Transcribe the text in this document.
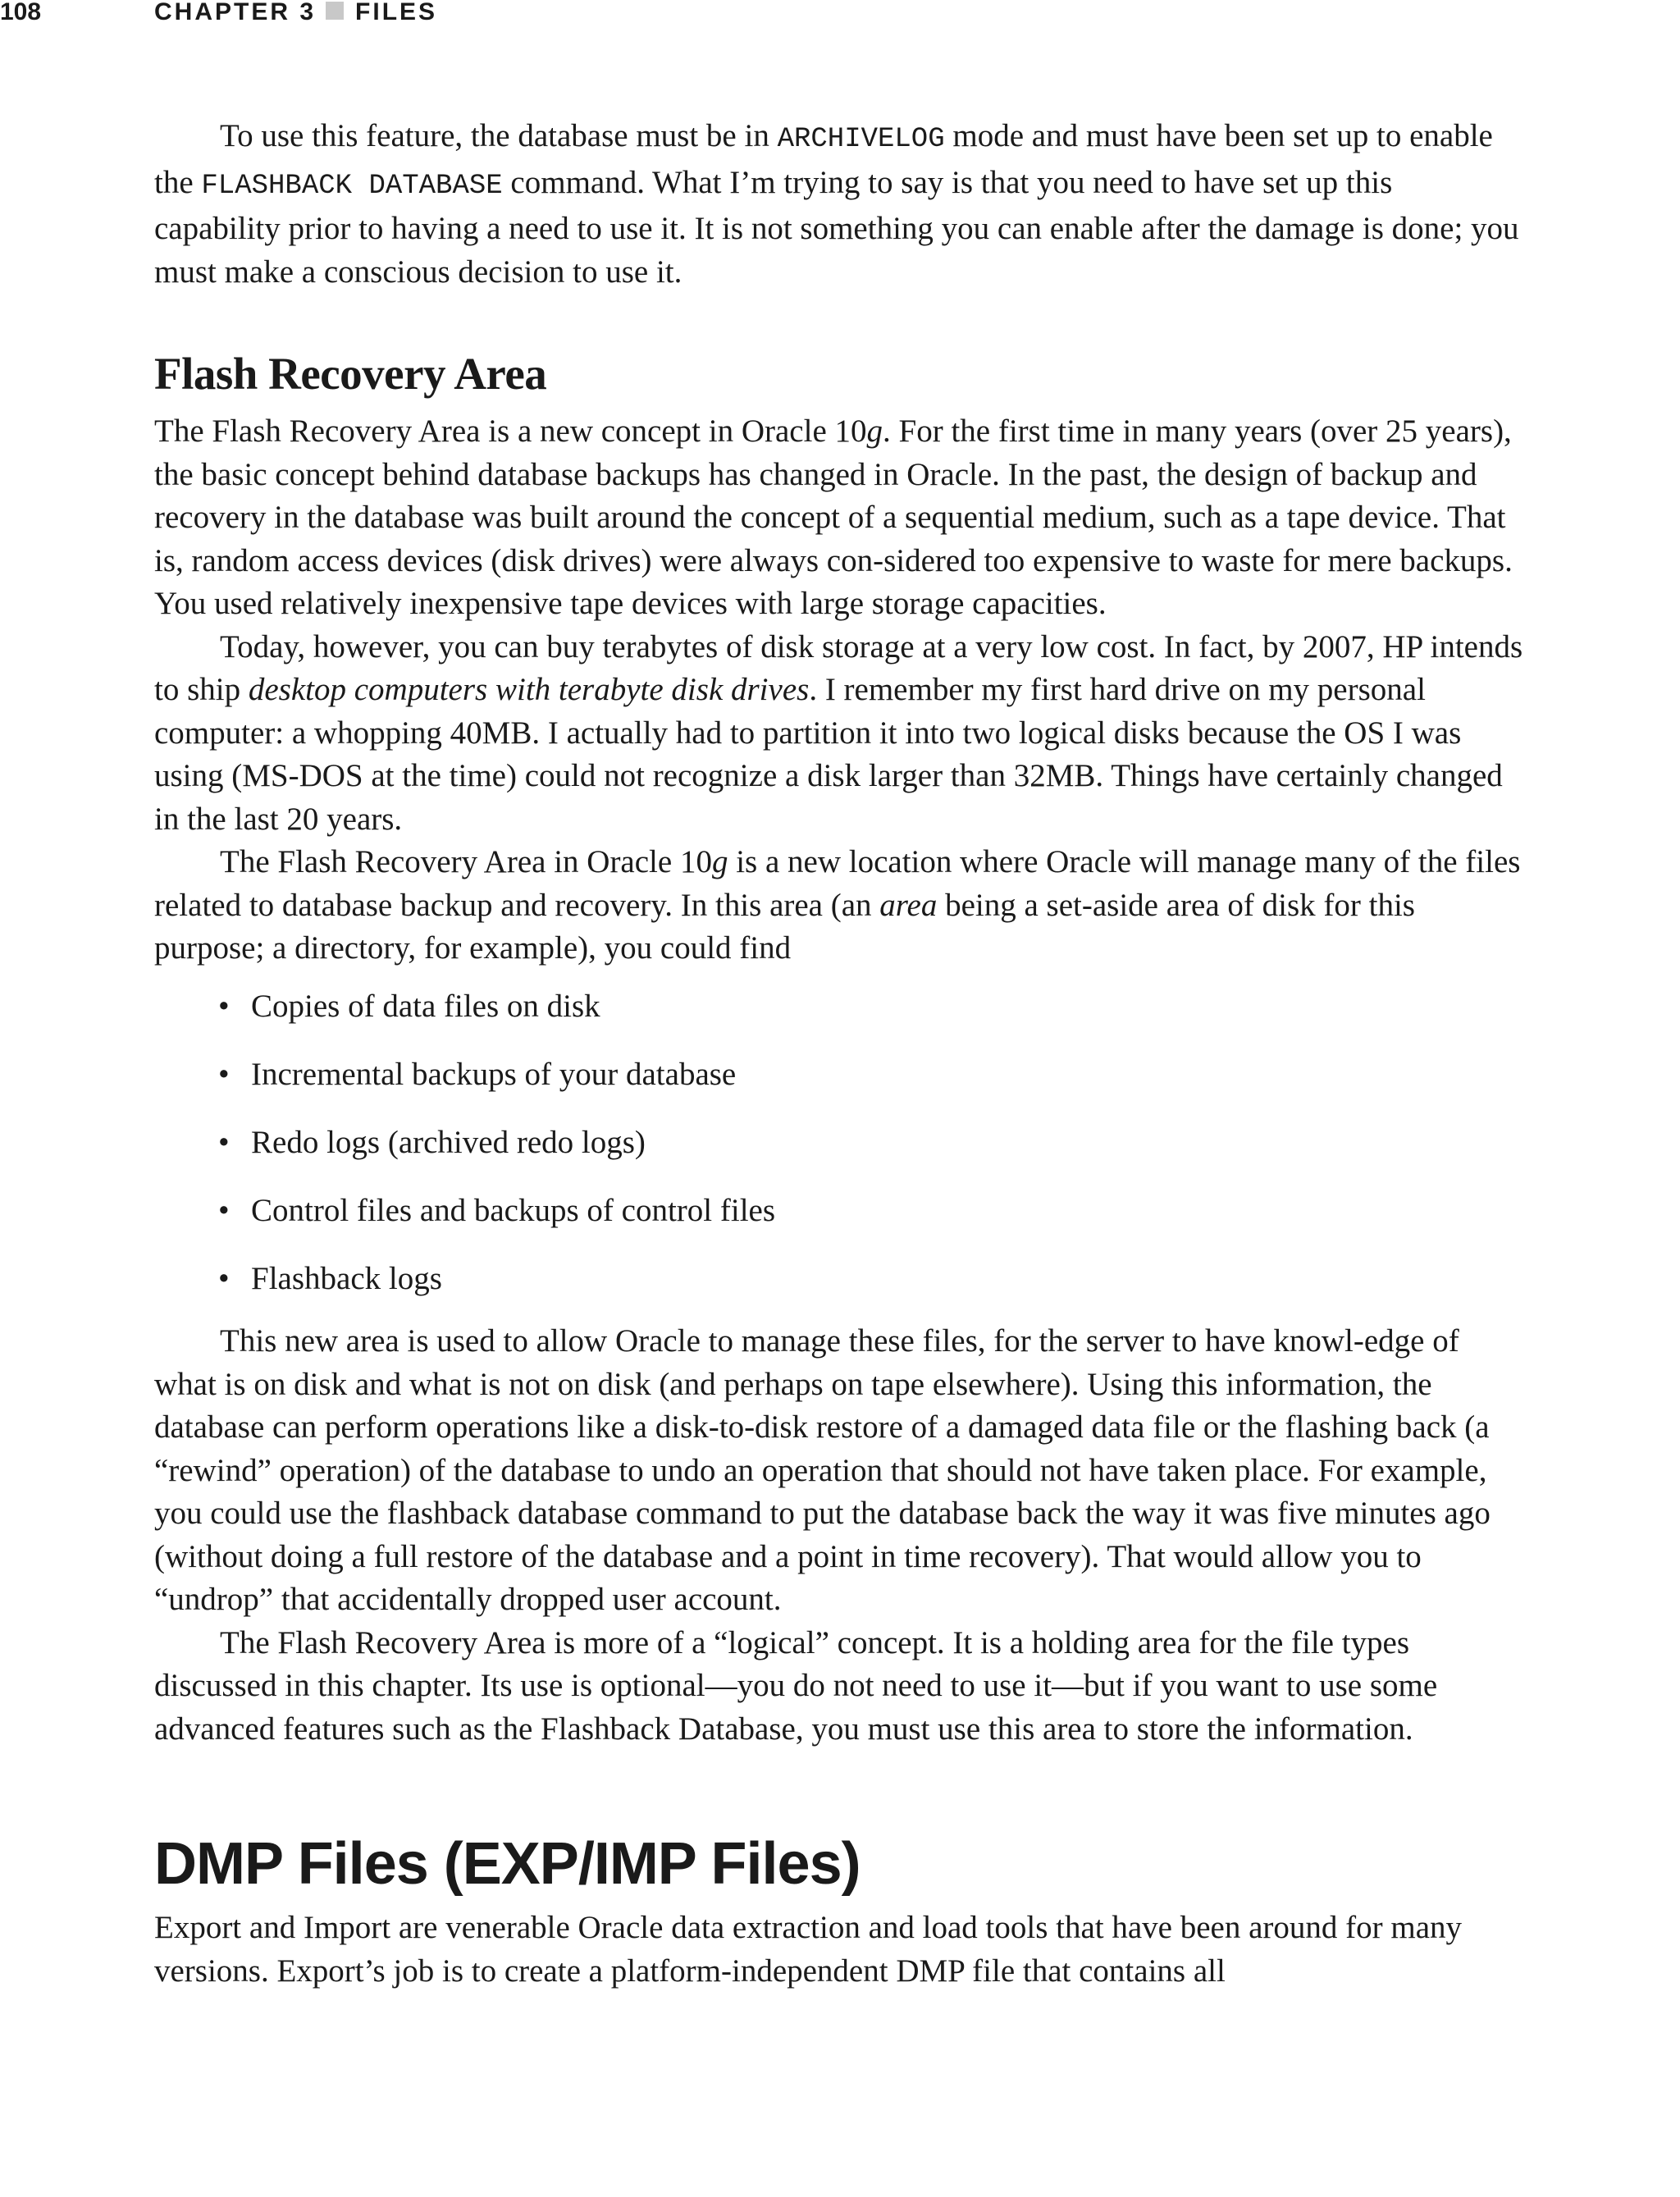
108	CHAPTER 3 FILES

To use this feature, the database must be in ARCHIVELOG mode and must have been set up to enable the FLASHBACK DATABASE command. What I’m trying to say is that you need to have set up this capability prior to having a need to use it. It is not something you can enable after the damage is done; you must make a conscious decision to use it.

Flash Recovery Area

The Flash Recovery Area is a new concept in Oracle 10g. For the first time in many years (over 25 years), the basic concept behind database backups has changed in Oracle. In the past, the design of backup and recovery in the database was built around the concept of a sequential medium, such as a tape device. That is, random access devices (disk drives) were always con-sidered too expensive to waste for mere backups. You used relatively inexpensive tape devices with large storage capacities.

Today, however, you can buy terabytes of disk storage at a very low cost. In fact, by 2007, HP intends to ship desktop computers with terabyte disk drives. I remember my first hard drive on my personal computer: a whopping 40MB. I actually had to partition it into two logical disks because the OS I was using (MS-DOS at the time) could not recognize a disk larger than 32MB. Things have certainly changed in the last 20 years.

The Flash Recovery Area in Oracle 10g is a new location where Oracle will manage many of the files related to database backup and recovery. In this area (an area being a set-aside area of disk for this purpose; a directory, for example), you could find

• Copies of data files on disk
• Incremental backups of your database
• Redo logs (archived redo logs)
• Control files and backups of control files
• Flashback logs

This new area is used to allow Oracle to manage these files, for the server to have knowl-edge of what is on disk and what is not on disk (and perhaps on tape elsewhere). Using this information, the database can perform operations like a disk-to-disk restore of a damaged data file or the flashing back (a “rewind” operation) of the database to undo an operation that should not have taken place. For example, you could use the flashback database command to put the database back the way it was five minutes ago (without doing a full restore of the database and a point in time recovery). That would allow you to “undrop” that accidentally dropped user account.

The Flash Recovery Area is more of a “logical” concept. It is a holding area for the file types discussed in this chapter. Its use is optional—you do not need to use it—but if you want to use some advanced features such as the Flashback Database, you must use this area to store the information.

DMP Files (EXP/IMP Files)

Export and Import are venerable Oracle data extraction and load tools that have been around for many versions. Export’s job is to create a platform-independent DMP file that contains all
